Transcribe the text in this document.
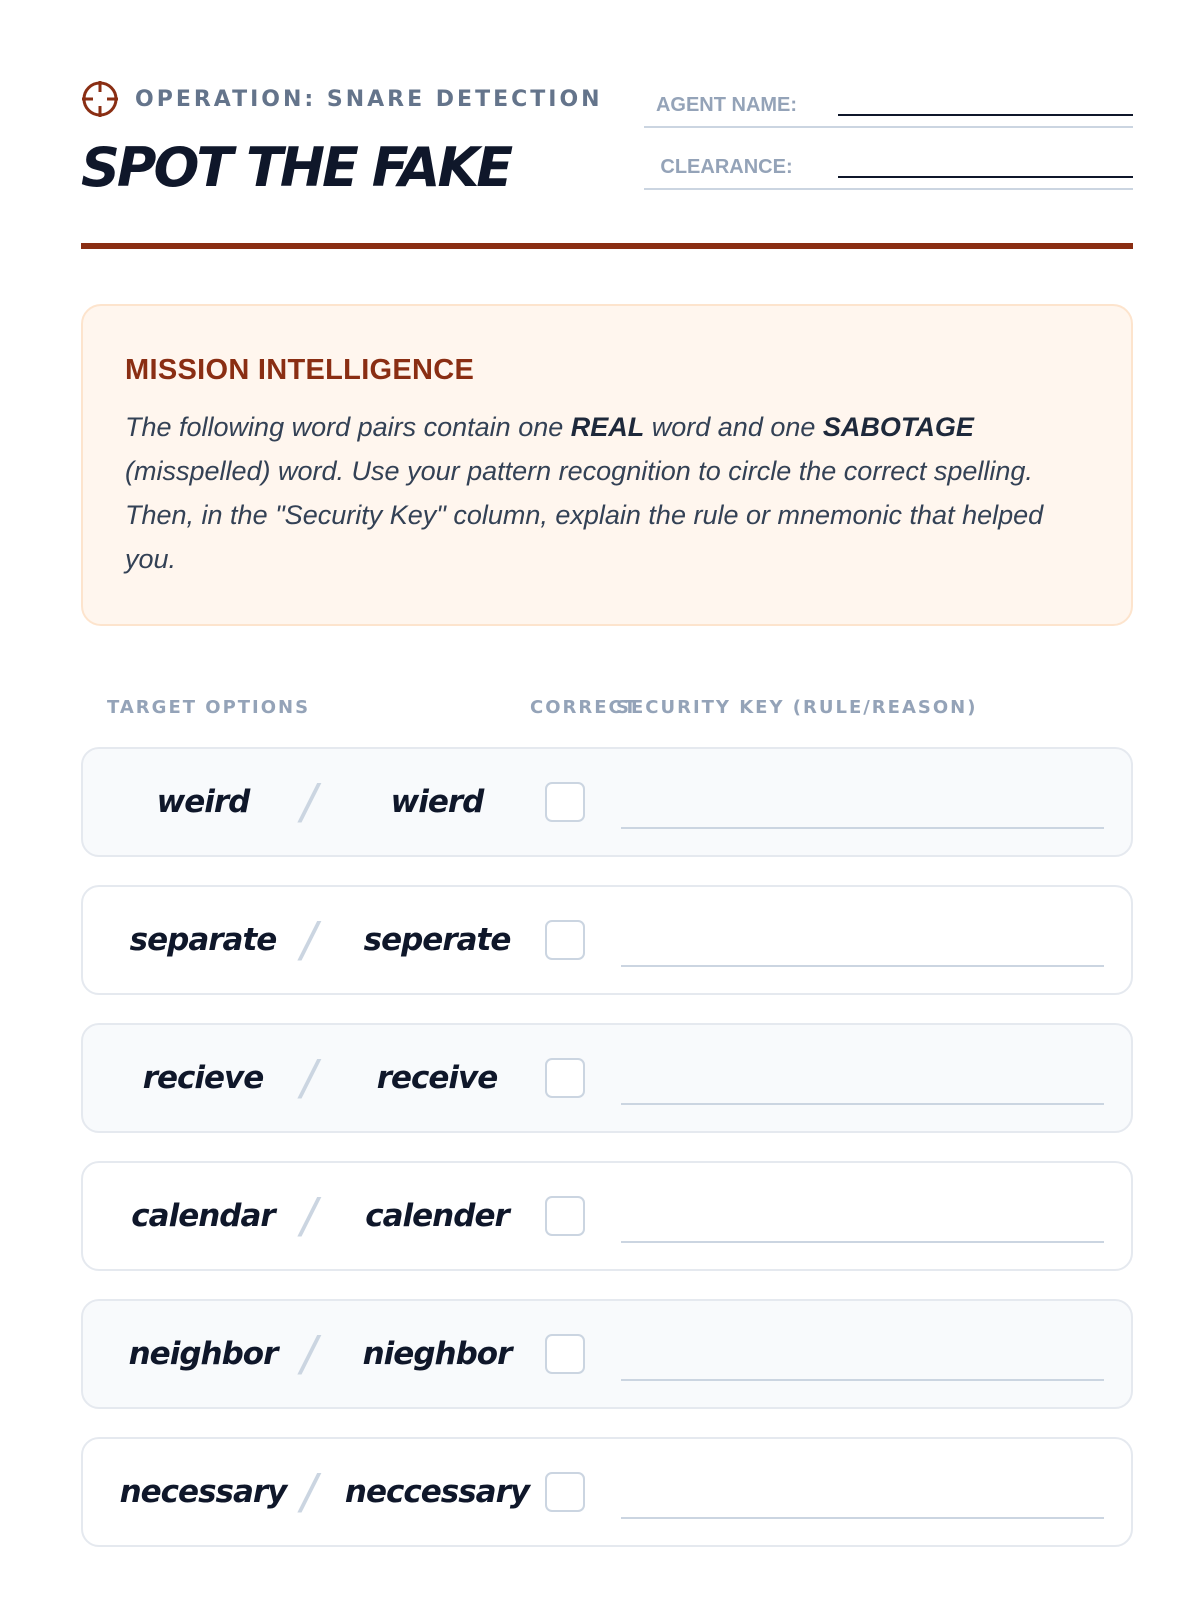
OPERATION: SNARE DETECTION
SPOT THE FAKE
AGENT NAME:
CLEARANCE:
MISSION INTELLIGENCE

The following word pairs contain one REAL word and one SABOTAGE (misspelled) word. Use your pattern recognition to circle the correct spelling. Then, in the "Security Key" column, explain the rule or mnemonic that helped you.

TARGET OPTIONS	CORRECT
SECURITY KEY (RULE/REASON)
weird	/	wierd
separate /	seperate
recieve /	receive
calendar /	calender
neighbor /	nieghbor
necessary / neccessary
